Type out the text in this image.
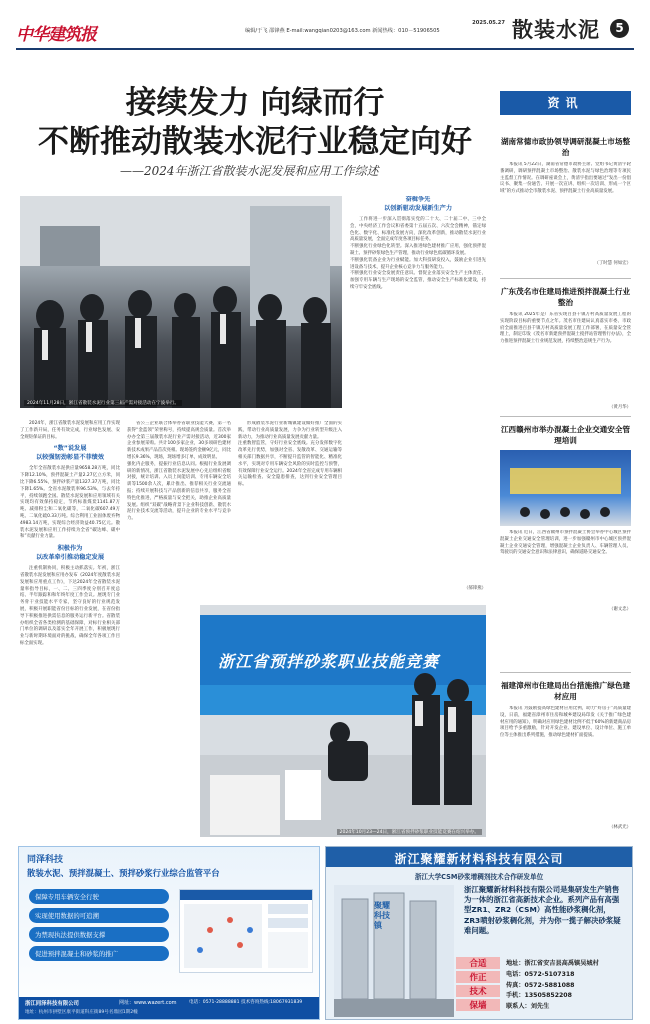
中华建筑报
2025.05.27
编辑/于飞 邵锋燕 E-mail:wangqian0203@163.com 新闻热线：010－51906505	散装水泥	5
接续发力 向绿而行
不断推动散装水泥行业稳定向好
——2024年浙江省散装水泥发展和应用工作综述
2024年11月28日，浙江省散装水泥行业第三届产需对接活动在宁波举行。

2024年，浙江省散装水泥发展和应用工作实现了工作新开局，任务有效完成，行业绿色发展、安全规矩保证的目标。

“数”说发展
以较强韧劲彰显不菲绩效

全年全省散装水泥供应量9658.28万吨，同比下降12.10%，预拌混凝土产量2.27亿立方米，同比下降6.55%，预拌砂浆产量1327.37万吨，同比下降1.65%。全省水泥散装率96.53%，与去年持平，持续领跑全国。散装水泥发展和应用领域有关实现均有效保持稳定，节约标准煤炭1141.87万吨、减排粉尘和二氧化碳等，二氧化碳607.49万吨、二氧化硫0.33万吨。综合利用工业固体废弃物4983.14万吨，实现综合经济效益40.75亿元。散装水泥发展和应用工作持续为全省“碳达峰、碳中和”贡献行业力量。

积极作为
以改革牵引推动稳定发展

注重机制协同，积极主动抓落实。年初，浙江省散装水泥发展和应用办发布《2024年度散装水泥发展和应用重点工作》，下达2024年全省散装水泥量率指导目标，一、二、三四季度分别召开度总结、半年跟踪和和年终年度工作会议。展现专门业务骨干业技能水平专家，坚守良好的行业规范发展，积极开展职能省份目标的行业发展，在省份指导下积极推进供需信息的服务运行新平台。省散装办组织全省各类检测的基础保障，对标行业相关部门单位的调研以及落实全年开展工作，积极展现行业与新时期环境面对的挑战，确保全年各项工作目标全面实现。

省公三企业联合体举办省职业技能大赛，第一名获得“金蓝领”荣誉称号，持续提高规会质量。首次举办办全第三届散装水泥行业产需对接活动，近300家企业参展采购。共计100多家企业，30多项研色建材新技术成果产品首次亮相。现场签约金额9亿元，同比增长9.36%，现场，现场增多订单，成效明显。
强化内企服务，提振行业信息认同。根据行业发展调研的新情况，浙江省散装水泥发展中心先后组织省级对接，统计培训、入员上岗能培训、专用车辆安全培训等1500余人次，累计推出、推荐相关行业交流通报；持续开展科技与产品创新的信息共享，服务全省特色化推进，严格质量与安全把关，助推企业高质量发展。组织“双碳”战略背景下企业科技创新、散装水泥行业技术交流等活动，提升企业的专业水平与竞争力。

形成散装水泥行业新城镇建设做好推广全面的实践，带动行业高质量发展，力争为行业转型升级注入新动力，为推动行业高质量发展贡献力量。
注重数智监管，守好行业安全底线。充分发挥数字化改革先行优势，加强对全省、发散改革、交通运输等相关部门数据共享，不断提升监管的智能化、精准化水平，实现对专用车辆安全风险的实时监控与预警，有效保障行业安全运行。2024年全省完成专用车辆相关运输检查、安全隐患排查，达到行业安全管理目标。

奋楫争先
以创新驱动发展新生产力

工作将进一步深入贯彻落实党的二十大、二十届二中、三中全会，中央经济工作会议和省委第十五届五次、六次全会精神，锚定绿色化、数字化、标准化发展方向，深化改革创新，推动散装水泥行业高质量发展，全面完成年度各项目标任务。
不断强化行业绿色化转型。深入推进绿色建材推广应用，强化预拌混凝土、预拌砂浆绿色生产管理，推动行业绿色低碳循环发展。
不断强化装备企业为行业赋能。加大科技研发投入，鼓励企业引进先进设备与技术，提升企业核心竞争力与服务能力。
不断强化行业安全发展责任意识。督促企业落实安全生产主体责任，加强专用车辆与生产现场的安全监管，推动安全生产标准化建设，持续守牢安全底线。

（郝锋燕）
浙江省预拌砂浆职业技能竞赛
2024年10月23—24日，浙江省预拌砂浆职业技能竞赛在绍兴举办。
资讯
湖南常德市政协领导调研混凝土市场整治

本报讯 5月22日，湖南省常德市政协主席、党组书记黄清宇轮番调研，调研预拌混凝土市场整治、散装水泥与绿色治理等专项民主监督工作情况。在调研座谈会上，黄清宇指出要通过“发出一份倡议书、聚集一份通告、开展一次宣讲、组织一次培训、形成一个区域”的方式推动全市散装水泥、预拌混凝土行业高质量发展。

（丁时慧 何如宏）
广东茂名市住建局推进预拌混凝土行业整治

本报讯 2025年是广东省实现百县千镇万村高质量发展工程的实现阶段目标的重要节点之年。茂名市住建局认真落实市委、市政府全面推进百县千镇万村高质量发展工程工作部署，在质量安全管理上，制定印发《茂名市新建预拌混凝土搅拌站管理暂行办法》，全力推进预拌混凝土行业规范发展，持续整治违规生产行为。

（黄月华）
江西赣州市举办混凝土企业交通安全管理培训

本报讯 近日，江西省赣州市预拌混凝土协会举办中心城区预拌混凝土企业交通安全管理培训，进一步加强赣州市中心城区预拌混凝土企业交通安全管理，增强混凝土企业负责人、车辆管理人员、驾驶员的交通安全意识和法律意识，确保道路交通安全。

（谢文忠）
福建漳州市住建局出台措施推广绿色建材应用

本报讯 为鼓励提高绿色建材应用比例，助力“好房子”高质量建设，日前，福建省漳州市住房和城乡建设局印发《关于推广绿色建材应用的通知》，明确对应用绿色建材比例不低于60%的新建商品房项目给予多重激励，针对开发企业、建设单位、设计单位、施工单位等主体推出系列措施，推动绿色建材扩面提质。

（林武光）
同泽科技
散装水泥、预拌混凝土、预拌砂浆行业综合监管平台
保障专用车辆安全行驶
实现使用数据的可追溯
为禁现执法提供数据支撑
促进预拌混凝土和砂浆的推广
浙江同泽科技有限公司	网址：www.wazert.com	电话：0571-28888881 技术咨询热线:18067931839
地址：杭州市拱墅区康平街道科庄街89号名鼎园1期2幢
浙江聚耀新材料科技有限公司
浙江大学CSM砂浆增稠剂技术合作研发单位
聚耀 科技镇
浙江聚耀新材料科技有限公司是集研发生产销售为一体的浙江省高新技术企业。系列产品有高强型ZR1、ZR2（CSM）高性能砂浆稠化剂，ZR3喷射砂浆稠化剂，并为你一揽子解决砂浆疑难问题。
合适
作正
技术
保墙
地址：浙江省安吉县高禹镇吴城村
电话：0572-5107318
传真：0572-5881088
手机：13505852208
联系人：刘先生
